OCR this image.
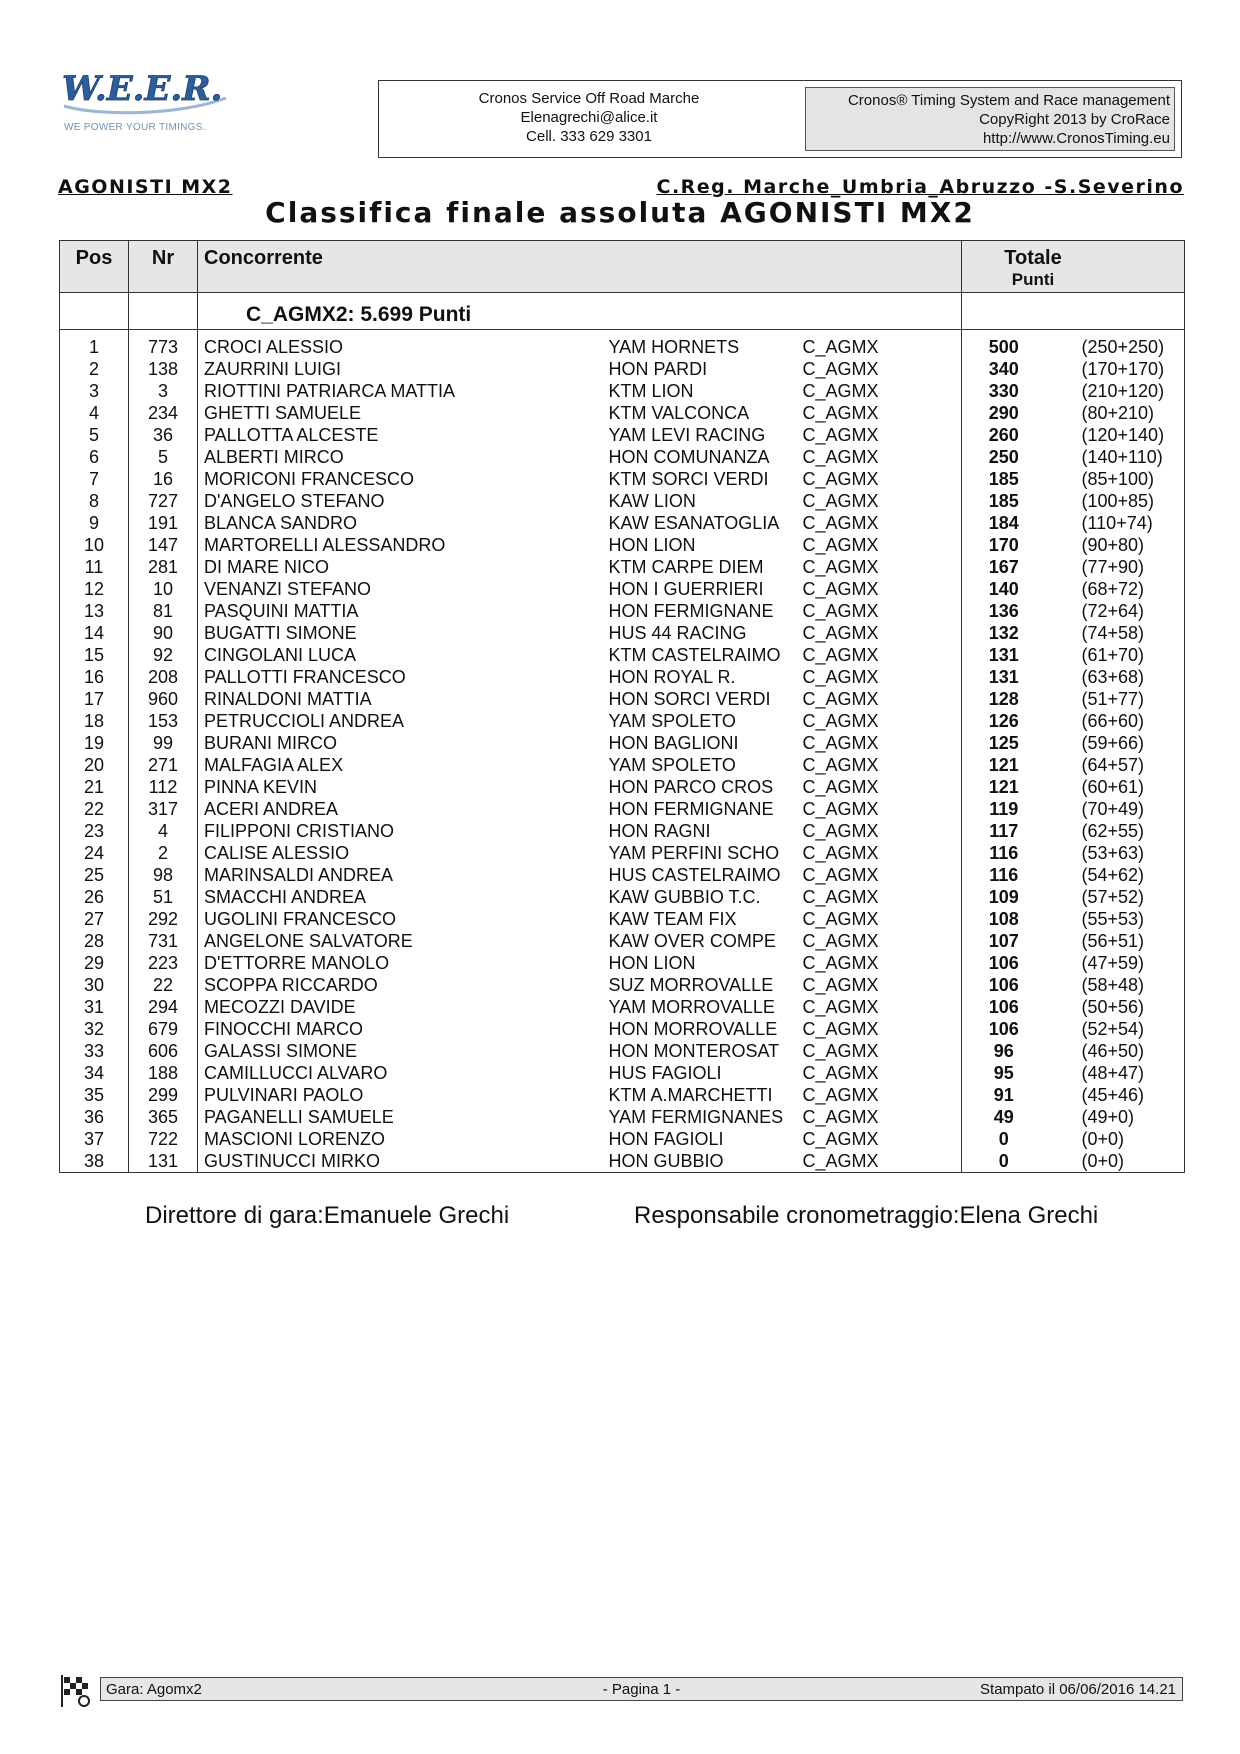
W.E.E.R.
WE POWER YOUR TIMINGS.
Cronos Service Off Road Marche
Elenagrechi@alice.it
Cell. 333 629 3301
Cronos® Timing System and Race management
CopyRight 2013 by CroRace
http://www.CronosTiming.eu
AGONISTI MX2	C.Reg. Marche_Umbria_Abruzzo -S.Severino
Classifica finale assoluta AGONISTI MX2
Pos	Nr	Concorrente			Totale
Punti	

		C_AGMX2: 5.699 Punti				
1	773	CROCI ALESSIO	YAM HORNETS	C_AGMX	500	(250+250)
2	138	ZAURRINI LUIGI	HON PARDI	C_AGMX	340	(170+170)
3	3	RIOTTINI PATRIARCA MATTIA	KTM LION	C_AGMX	330	(210+120)
4	234	GHETTI SAMUELE	KTM VALCONCA	C_AGMX	290	(80+210)
5	36	PALLOTTA ALCESTE	YAM LEVI RACING	C_AGMX	260	(120+140)
6	5	ALBERTI MIRCO	HON COMUNANZA	C_AGMX	250	(140+110)
7	16	MORICONI FRANCESCO	KTM SORCI VERDI	C_AGMX	185	(85+100)
8	727	D'ANGELO STEFANO	KAW LION	C_AGMX	185	(100+85)
9	191	BLANCA SANDRO	KAW ESANATOGLIA	C_AGMX	184	(110+74)
10	147	MARTORELLI ALESSANDRO	HON LION	C_AGMX	170	(90+80)
11	281	DI MARE NICO	KTM CARPE DIEM	C_AGMX	167	(77+90)
12	10	VENANZI STEFANO	HON I GUERRIERI	C_AGMX	140	(68+72)
13	81	PASQUINI MATTIA	HON FERMIGNANE	C_AGMX	136	(72+64)
14	90	BUGATTI SIMONE	HUS 44 RACING	C_AGMX	132	(74+58)
15	92	CINGOLANI LUCA	KTM CASTELRAIMO	C_AGMX	131	(61+70)
16	208	PALLOTTI FRANCESCO	HON ROYAL R.	C_AGMX	131	(63+68)
17	960	RINALDONI MATTIA	HON SORCI VERDI	C_AGMX	128	(51+77)
18	153	PETRUCCIOLI ANDREA	YAM SPOLETO	C_AGMX	126	(66+60)
19	99	BURANI MIRCO	HON BAGLIONI	C_AGMX	125	(59+66)
20	271	MALFAGIA ALEX	YAM SPOLETO	C_AGMX	121	(64+57)
21	112	PINNA KEVIN	HON PARCO CROS	C_AGMX	121	(60+61)
22	317	ACERI ANDREA	HON FERMIGNANE	C_AGMX	119	(70+49)
23	4	FILIPPONI CRISTIANO	HON RAGNI	C_AGMX	117	(62+55)
24	2	CALISE ALESSIO	YAM PERFINI SCHO	C_AGMX	116	(53+63)
25	98	MARINSALDI ANDREA	HUS CASTELRAIMO	C_AGMX	116	(54+62)
26	51	SMACCHI ANDREA	KAW GUBBIO T.C.	C_AGMX	109	(57+52)
27	292	UGOLINI FRANCESCO	KAW TEAM FIX	C_AGMX	108	(55+53)
28	731	ANGELONE SALVATORE	KAW OVER COMPE	C_AGMX	107	(56+51)
29	223	D'ETTORRE MANOLO	HON LION	C_AGMX	106	(47+59)
30	22	SCOPPA RICCARDO	SUZ MORROVALLE	C_AGMX	106	(58+48)
31	294	MECOZZI DAVIDE	YAM MORROVALLE	C_AGMX	106	(50+56)
32	679	FINOCCHI MARCO	HON MORROVALLE	C_AGMX	106	(52+54)
33	606	GALASSI SIMONE	HON MONTEROSAT	C_AGMX	96	(46+50)
34	188	CAMILLUCCI ALVARO	HUS FAGIOLI	C_AGMX	95	(48+47)
35	299	PULVINARI PAOLO	KTM A.MARCHETTI	C_AGMX	91	(45+46)
36	365	PAGANELLI SAMUELE	YAM FERMIGNANES	C_AGMX	49	(49+0)
37	722	MASCIONI LORENZO	HON FAGIOLI	C_AGMX	0	(0+0)
38	131	GUSTINUCCI MIRKO	HON GUBBIO	C_AGMX	0	(0+0)
Direttore di gara:Emanuele Grechi	Responsabile cronometraggio:Elena Grechi
Gara: Agomx2	- Pagina 1 -	Stampato il 06/06/2016 14.21
